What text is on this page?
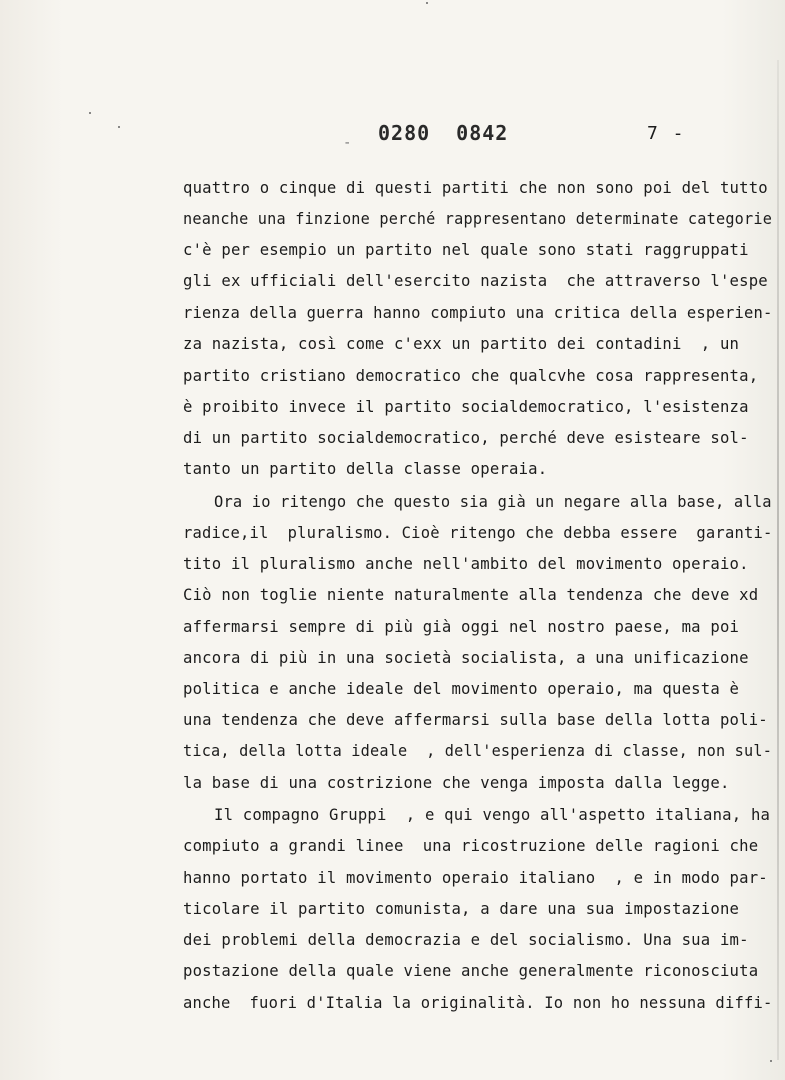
- 0280 0842	7 -
quattro o cinque di questi partiti che non sono poi del tutto
neanche una finzione perché rappresentano determinate categorie
c'è per esempio un partito nel quale sono stati raggruppati
gli ex ufficiali dell'esercito nazista  che attraverso l'espe
rienza della guerra hanno compiuto una critica della esperien-
za nazista, così come c'exx un partito dei contadini  , un
partito cristiano democratico che qualcvhe cosa rappresenta,
è proibito invece il partito socialdemocratico, l'esistenza
di un partito socialdemocratico, perché deve esisteare sol-
tanto un partito della classe operaia.
Ora io ritengo che questo sia già un negare alla base, alla
radice,il  pluralismo. Cioè ritengo che debba essere  garanti-
tito il pluralismo anche nell'ambito del movimento operaio.
Ciò non toglie niente naturalmente alla tendenza che deve xd
affermarsi sempre di più già oggi nel nostro paese, ma poi
ancora di più in una società socialista, a una unificazione
politica e anche ideale del movimento operaio, ma questa è
una tendenza che deve affermarsi sulla base della lotta poli-
tica, della lotta ideale  , dell'esperienza di classe, non sul-
la base di una costrizione che venga imposta dalla legge.
Il compagno Gruppi  , e qui vengo all'aspetto italiana, ha
compiuto a grandi linee  una ricostruzione delle ragioni che
hanno portato il movimento operaio italiano  , e in modo par-
ticolare il partito comunista, a dare una sua impostazione
dei problemi della democrazia e del socialismo. Una sua im-
postazione della quale viene anche generalmente riconosciuta
anche  fuori d'Italia la originalità. Io non ho nessuna diffi-
